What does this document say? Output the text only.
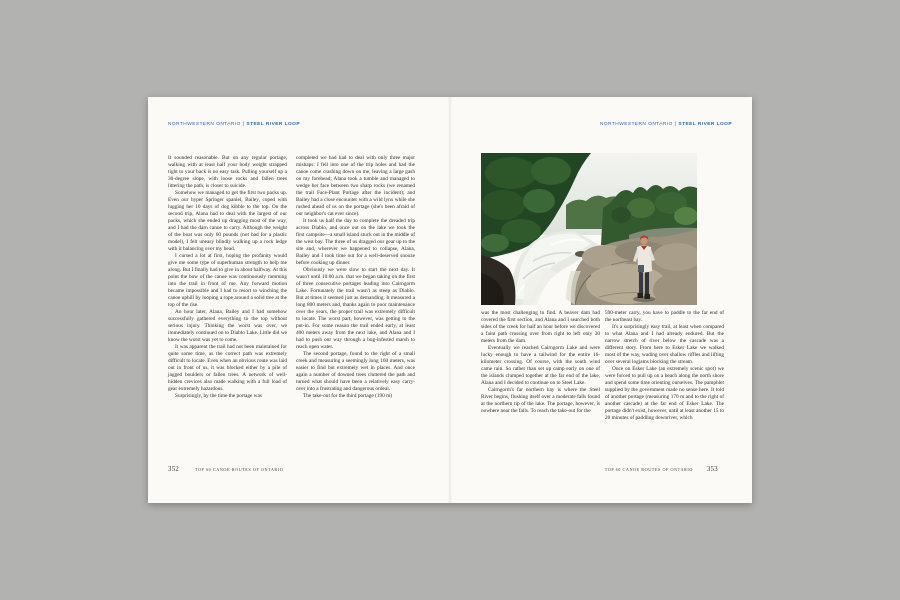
NORTHWESTERN ONTARIO | STEEL RIVER LOOP

It sounded reasonable. But on any regular portage, walking with at least half your body weight strapped tight to your back is no easy task. Pulling yourself up a 30-degree slope, with loose rocks and fallen trees littering the path, is closer to suicide.

Somehow we managed to get the first two packs up. Even our hyper Springer spaniel, Bailey, coped with lugging her 10 days of dog kibble to the top. On the second trip, Alana had to deal with the largest of our packs, which she ended up dragging most of the way, and I had the darn canoe to carry. Although the weight of the boat was only 60 pounds (not bad for a plastic model), I felt uneasy blindly walking up a rock ledge with it balancing over my head.

I cursed a lot at first, hoping the profanity would give me some type of superhuman strength to help me along. But I finally had to give in about halfway. At this point the bow of the canoe was continuously ramming into the trail in front of me. Any forward motion became impossible and I had to resort to winching the canoe uphill by looping a rope around a solid tree at the top of the rise.

An hour later, Alana, Bailey and I had somehow successfully gathered everything to the top without serious injury. Thinking the worst was over, we immediately continued on to Diablo Lake. Little did we know the worst was yet to come.

It was apparent the trail had not been maintained for quite some time, as the correct path was extremely difficult to locate. Even when an obvious route was laid out in front of us, it was blocked either by a pile of jagged boulders or fallen trees. A network of well-hidden crevices also made walking with a full load of gear extremely hazardous.

Surprisingly, by the time the portage was

completed we had had to deal with only three major mishaps: I fell into one of the trip holes and had the canoe come crashing down on me, leaving a large gash on my forehead; Alana took a tumble and managed to wedge her face between two sharp rocks (we renamed the trail Face-Plant Portage after the incident); and Bailey had a close encounter with a wild lynx while she rushed ahead of us on the portage (she's been afraid of our neighbor's cat ever since).

It took us half the day to complete the dreaded trip across Diablo, and once out on the lake we took the first campsite—a small island stuck out in the middle of the west bay. The three of us dragged our gear up to the site and, wherever we happened to collapse, Alana, Bailey and I took time out for a well-deserved snooze before cooking up dinner.

Obviously we were slow to start the next day. It wasn't until 10:00 a.m. that we began taking on the first of three consecutive portages leading into Cairngorm Lake. Fortunately the trail wasn't as steep as Diablo. But at times it seemed just as demanding. It measured a long 800 meters and, thanks again to poor maintenance over the years, the proper trail was extremely difficult to locate. The worst part, however, was getting to the put-in. For some reason the trail ended early, at least 400 meters away from the next lake, and Alana and I had to push our way through a bug-infested marsh to reach open water.

The second portage, found to the right of a small creek and measuring a seemingly long 160 meters, was easier to find but extremely wet in places. And once again a number of downed trees cluttered the path and turned what should have been a relatively easy carry-over into a frustrating and dangerous ordeal.

The take-out for the third portage (190 m)

352	TOP 60 CANOE ROUTES OF ONTARIO
NORTHWESTERN ONTARIO | STEEL RIVER LOOP

was the most challenging to find. A beaver dam had covered the first section, and Alana and I searched both sides of the creek for half an hour before we discovered a faint path crossing over from right to left only 30 meters from the dam.

Eventually we reached Cairngorm Lake and were lucky enough to have a tailwind for the entire 16-kilometer crossing. Of course, with the south wind came rain. So rather than set up camp early on one of the islands clumped together at the far end of the lake, Alana and I decided to continue on to Steel Lake.

Cairngorm's far northern bay is where the Steel River begins, flushing itself over a moderate falls found at the northern tip of the lake. The portage, however, is nowhere near the falls. To reach the take-out for the

590-meter carry, you have to paddle to the far end of the northeast bay.

It's a surprisingly easy trail, at least when compared to what Alana and I had already endured. But the narrow stretch of river below the cascade was a different story. From here to Esker Lake we walked most of the way, wading over shallow riffles and lifting over several logjams blocking the stream.

Once on Esker Lake (an extremely scenic spot) we were forced to pull up on a beach along the north shore and spend some time orienting ourselves. The pamphlet supplied by the government made no sense here. It told of another portage (measuring 170 m and to the right of another cascade) at the far end of Esker Lake. The portage didn't exist, however, until at least another 15 to 20 minutes of paddling downriver, which

TOP 60 CANOE ROUTES OF ONTARIO 353
